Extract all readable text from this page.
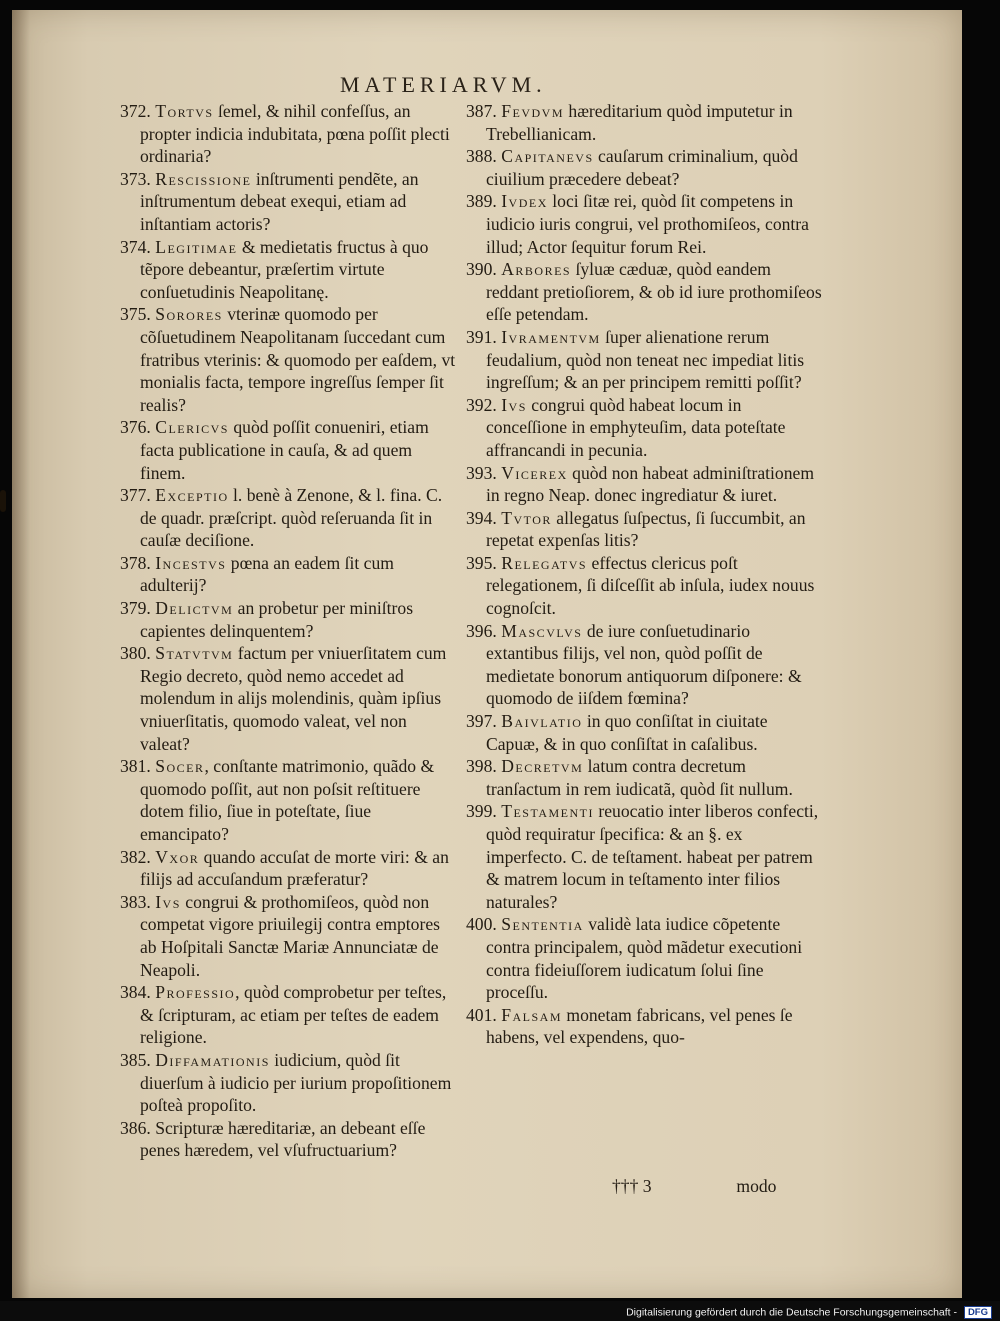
MATERIARVM.

372. Tortvs ſemel, & nihil confeſſus, an propter indicia indubitata, pœna poſſit plecti ordinaria?

373. Rescissione inſtrumenti pendẽte, an inſtrumentum debeat exequi, etiam ad inſtantiam actoris?

374. Legitimae & medietatis fructus à quo tẽpore debeantur, præſertim virtute conſuetudinis Neapolitanę.

375. Sorores vterinæ quomodo per cõſuetudinem Neapolitanam ſuccedant cum fratribus vterinis: & quomodo per eaſdem, vt monialis facta, tempore ingreſſus ſemper ſit realis?

376. Clericvs quòd poſſit conueniri, etiam facta publicatione in cauſa, & ad quem finem.

377. Exceptio l. benè à Zenone, & l. fina. C. de quadr. præſcript. quòd reſeruanda ſit in cauſæ deciſione.

378. Incestvs pœna an eadem ſit cum adulterij?

379. Delictvm an probetur per miniſtros capientes delinquentem?

380. Statvtvm factum per vniuerſitatem cum Regio decreto, quòd nemo accedet ad molendum in alijs molendinis, quàm ipſius vniuerſitatis, quomodo valeat, vel non valeat?

381. Socer, conſtante matrimonio, quãdo & quomodo poſſit, aut non poſsit reſtituere dotem filio, ſiue in poteſtate, ſiue emancipato?

382. Vxor quando accuſat de morte viri: & an filijs ad accuſandum præferatur?

383. Ivs congrui & prothomiſeos, quòd non competat vigore priuilegij contra emptores ab Hoſpitali Sanctæ Mariæ Annunciatæ de Neapoli.

384. Professio, quòd comprobetur per teſtes, & ſcripturam, ac etiam per teſtes de eadem religione.

385. Diffamationis iudicium, quòd ſit diuerſum à iudicio per iurium propoſitionem poſteà propoſito.

386. Scripturæ hæreditariæ, an debeant eſſe penes hæredem, vel vſufructuarium?

387. Fevdvm hæreditarium quòd imputetur in Trebellianicam.

388. Capitanevs cauſarum criminalium, quòd ciuilium prӕcedere debeat?

389. Ivdex loci ſitæ rei, quòd ſit competens in iudicio iuris congrui, vel prothomiſeos, contra illud; Actor ſequitur forum Rei.

390. Arbores ſyluæ cæduæ, quòd eandem reddant pretioſiorem, & ob id iure prothomiſeos eſſe petendam.

391. Ivramentvm ſuper alienatione rerum feudalium, quòd non teneat nec impediat litis ingreſſum; & an per principem remitti poſſit?

392. Ivs congrui quòd habeat locum in conceſſione in emphyteuſim, data poteſtate affrancandi in pecunia.

393. Vicerex quòd non habeat adminiſtrationem in regno Neap. donec ingrediatur & iuret.

394. Tvtor allegatus ſuſpectus, ſi ſuccumbit, an repetat expenſas litis?

395. Relegatvs effectus clericus poſt relegationem, ſi diſceſſit ab inſula, iudex nouus cognoſcit.

396. Mascvlvs de iure conſuetudinario extantibus filijs, vel non, quòd poſſit de medietate bonorum antiquorum diſponere: & quomodo de iiſdem fœmina?

397. Baivlatio in quo conſiſtat in ciuitate Capuæ, & in quo conſiſtat in caſalibus.

398. Decretvm latum contra decretum tranſactum in rem iudicatã, quòd ſit nullum.

399. Testamenti reuocatio inter liberos confecti, quòd requiratur ſpecifica: & an §. ex imperfecto. C. de teſtament. habeat per patrem & matrem locum in teſtamento inter filios naturales?

400. Sententia validè lata iudice cõpetente contra principalem, quòd mãdetur executioni contra fideiuſſorem iudicatum ſolui ſine proceſſu.

401. Falsam monetam fabricans, vel penes ſe habens, vel expendens, quo-

††† 3	modo
Digitalisierung gefördert durch die Deutsche Forschungsgemeinschaft - DFG
